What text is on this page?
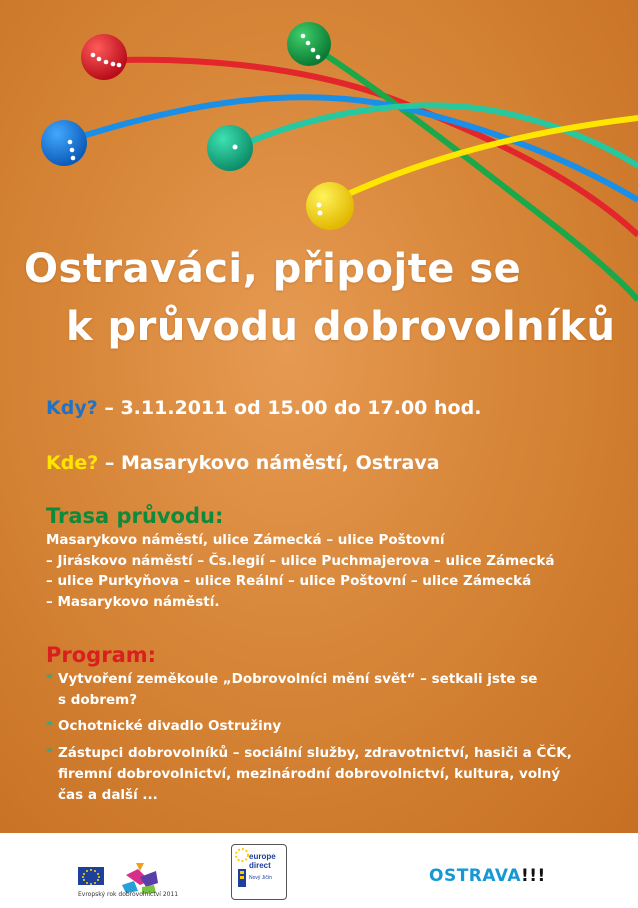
Ostraváci, připojte se
k průvodu dobrovolníků
Kdy? – 3.11.2011 od 15.00 do 17.00 hod.
Kde? – Masarykovo náměstí, Ostrava
Trasa průvodu:
Masarykovo náměstí, ulice Zámecká – ulice Poštovní
– Jiráskovo náměstí – Čs.legií – ulice Puchmajerova – ulice Zámecká
– ulice Purkyňova – ulice Reální – ulice Poštovní – ulice Zámecká
– Masarykovo náměstí.
Program:
* Vytvoření zeměkoule „Dobrovolníci mění svět“ – setkali jste se
s dobrem?
* Ochotnické divadlo Ostružiny
* Zástupci dobrovolníků – sociální služby, zdravotnictví, hasiči a ČČK,
firemní dobrovolnictví, mezinárodní dobrovolnictví, kultura, volný
čas a další ...
Evropský rok dobrovolnictví 2011
europe
direct
Nový Jičín	OSTRAVA!!!
